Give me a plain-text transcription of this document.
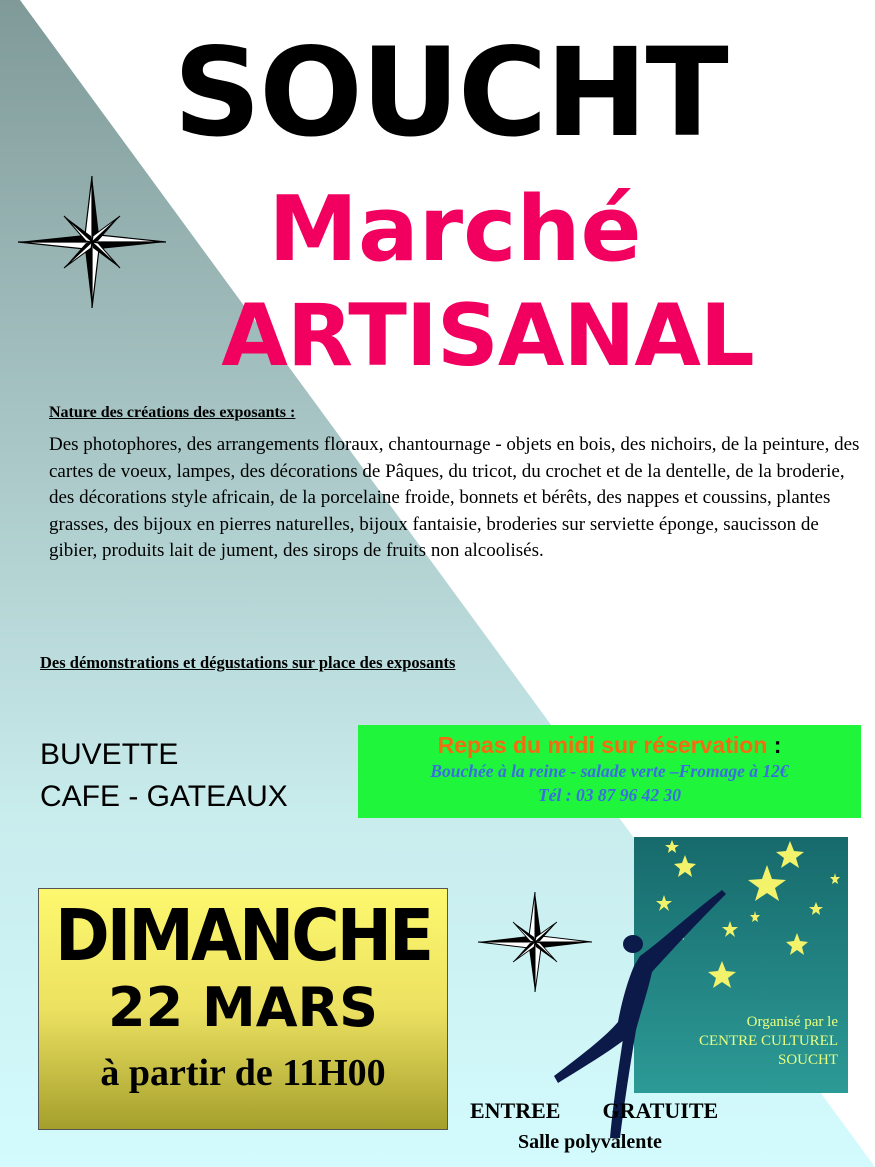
SOUCHT
Marché
ARTISANAL
Nature des créations des exposants :
Des photophores, des arrangements floraux, chantournage - objets en bois, des nichoirs, de la peinture, des cartes de voeux, lampes, des décorations de Pâques, du tricot, du crochet et de la dentelle, de la broderie, des décorations style africain, de la porcelaine froide, bonnets et bérêts, des nappes et coussins, plantes grasses, des bijoux en pierres naturelles, bijoux fantaisie, broderies sur serviette éponge, saucisson de gibier, produits lait de jument, des sirops de fruits non alcoolisés.
Des démonstrations et dégustations sur place des exposants
BUVETTE
CAFE - GATEAUX
Repas du midi sur réservation :
Bouchée à la reine - salade verte –Fromage à 12€
Tél : 03 87 96 42 30
DIMANCHE
22 MARS
à partir de 11H00
Organisé par le
CENTRE CULTUREL
SOUCHT
ENTREE GRATUITE
Salle polyvalente
